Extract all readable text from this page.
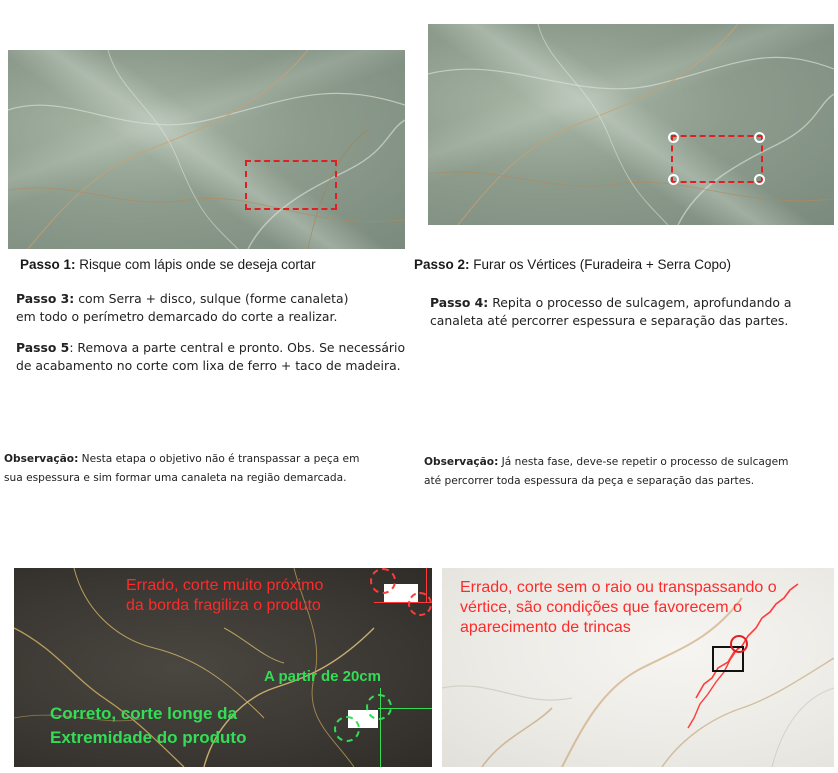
Passo 1: Risque com lápis onde se deseja cortar	Passo 2: Furar os Vértices (Furadeira + Serra Copo)
Passo 3: com Serra + disco, sulque (forme canaleta)
em todo o perímetro demarcado do corte a realizar.
Passo 4: Repita o processo de sulcagem, aprofundando a
canaleta até percorrer espessura e separação das partes.
Passo 5: Remova a parte central e pronto. Obs. Se necessário
de acabamento no corte com lixa de ferro + taco de madeira.
Observação: Nesta etapa o objetivo não é transpassar a peça em
sua espessura e sim formar uma canaleta na região demarcada.
Observação: Já nesta fase, deve-se repetir o processo de sulcagem
até percorrer toda espessura da peça e separação das partes.
Errado, corte muito próximo
da borda fragiliza o produto
A partir de 20cm
Correto, corte longe da
Extremidade do produto
Errado, corte sem o raio ou transpassando o
vértice, são condições que favorecem o
aparecimento de trincas
